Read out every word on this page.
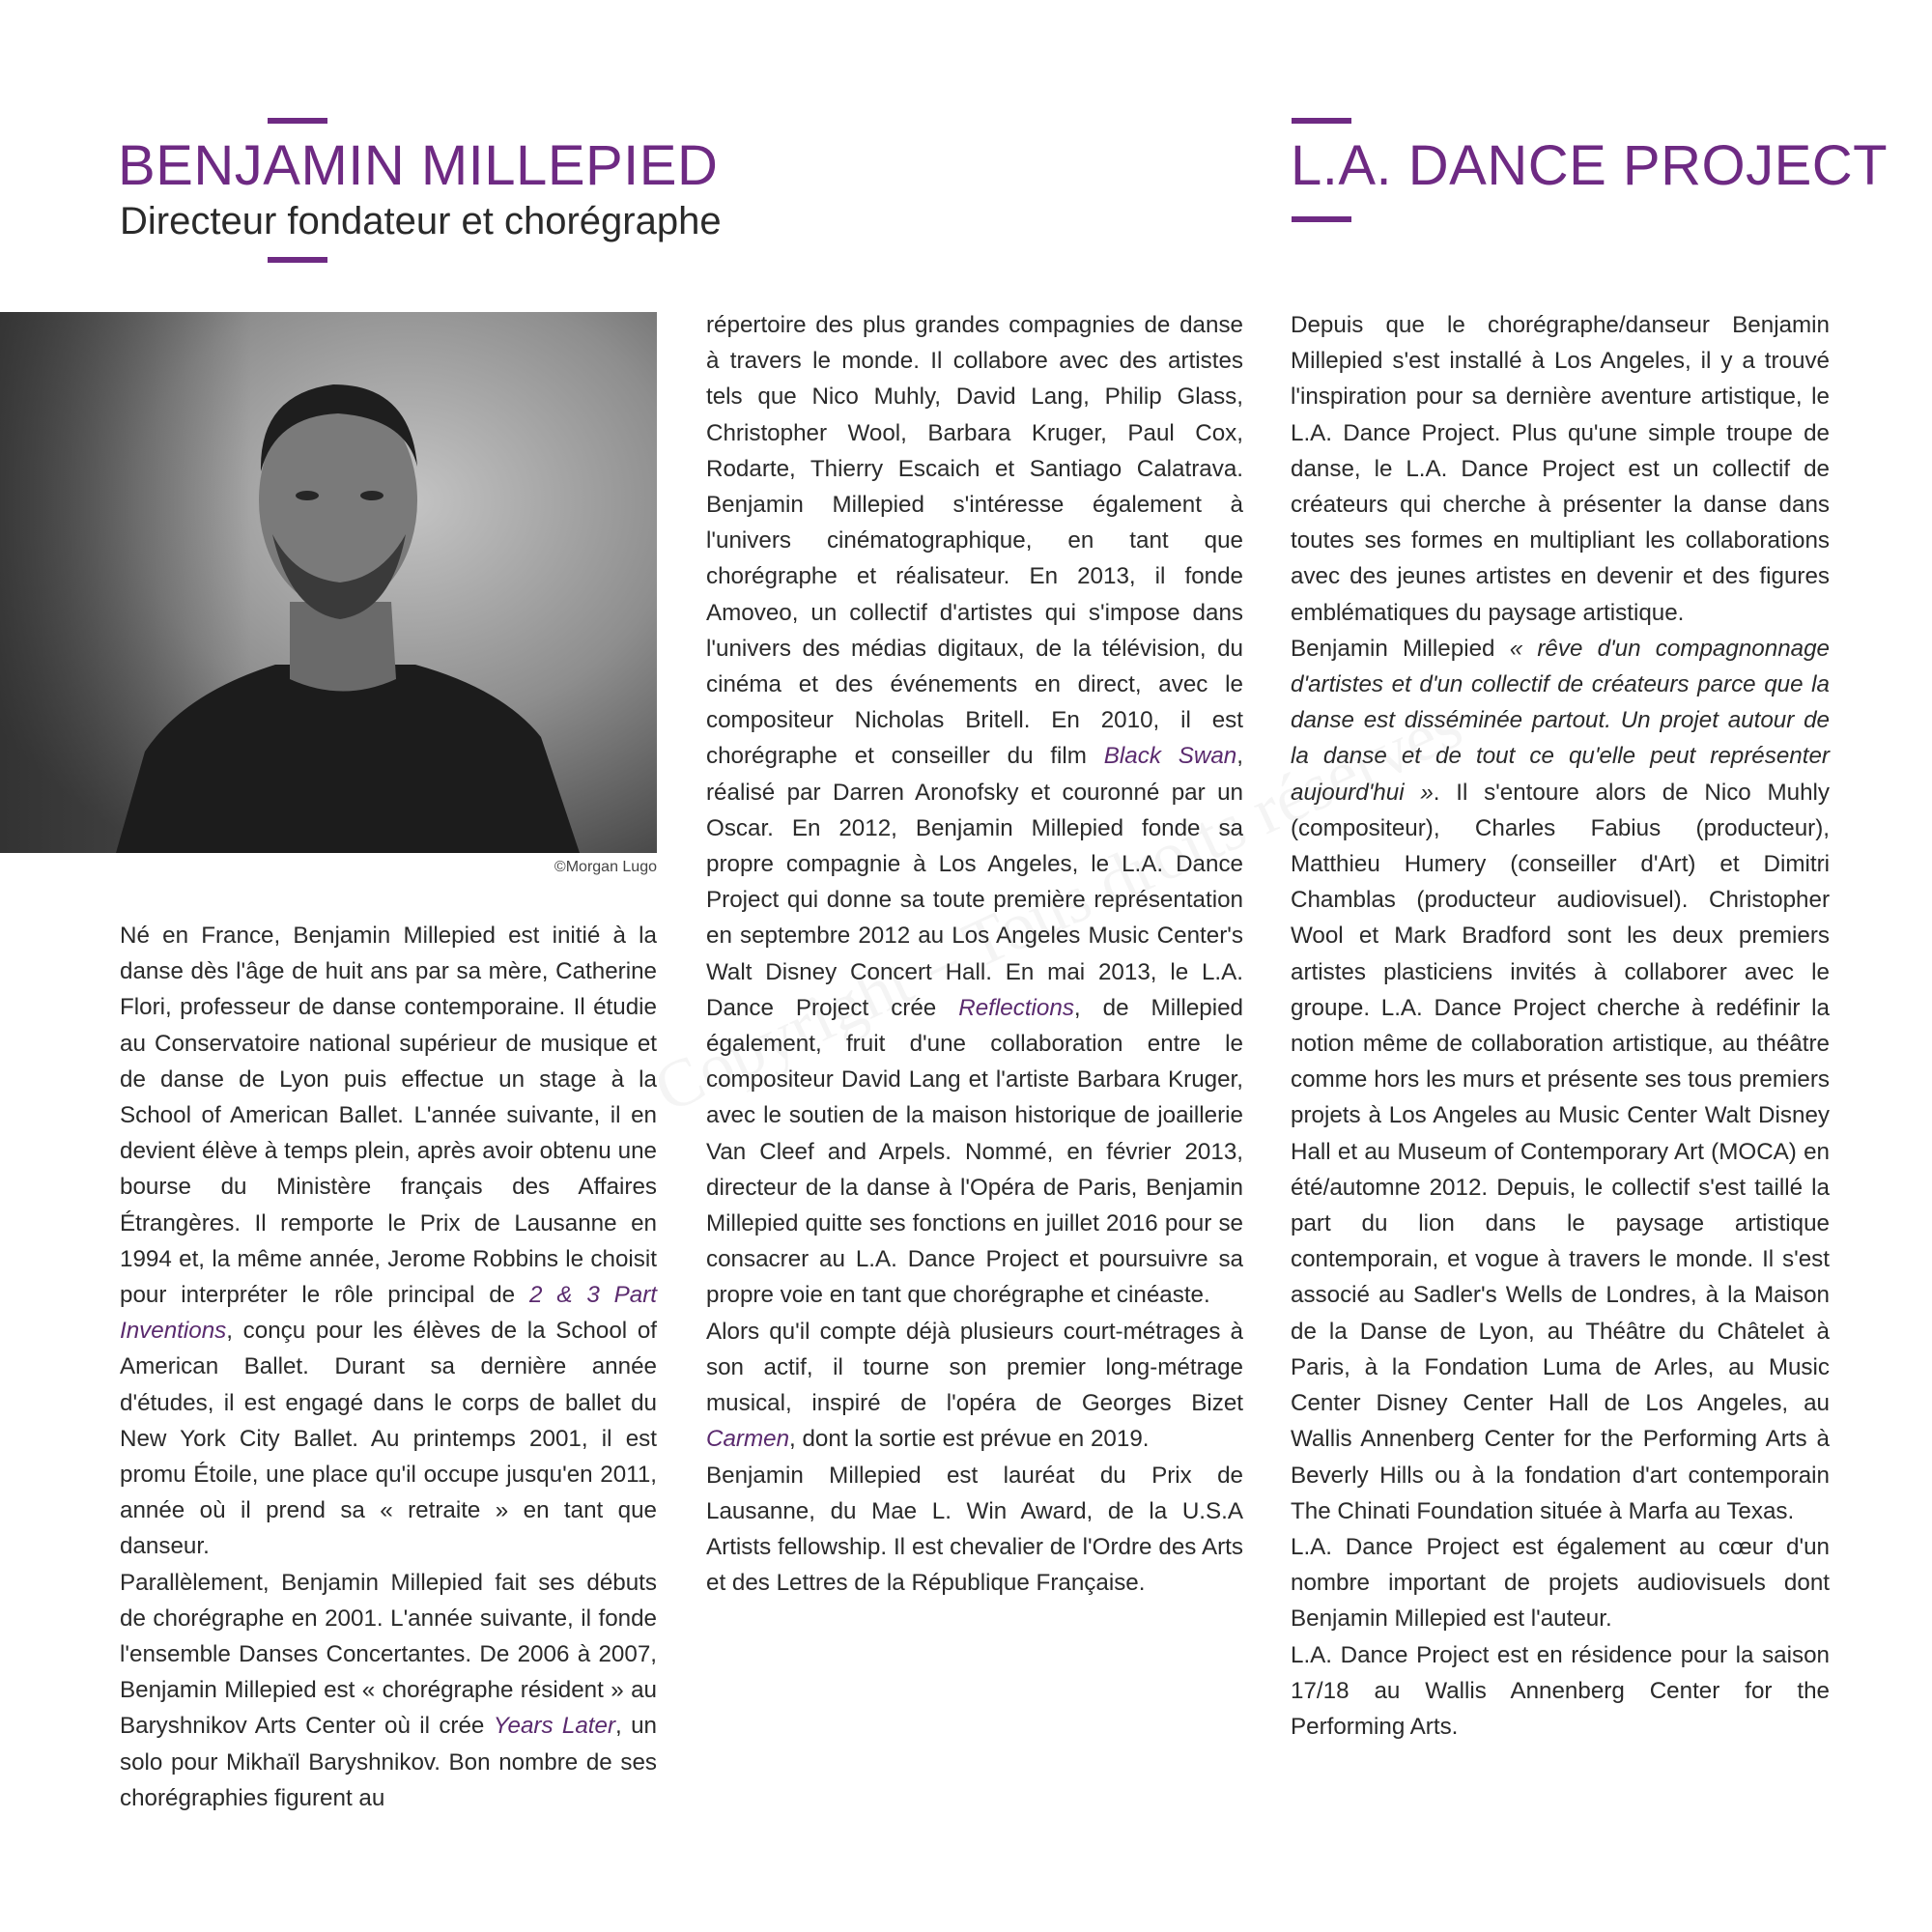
BENJAMIN MILLEPIED
Directeur fondateur et chorégraphe
L.A. DANCE PROJECT
©Morgan Lugo

Né en France, Benjamin Millepied est initié à la danse dès l'âge de huit ans par sa mère, Catherine Flori, professeur de danse contemporaine. Il étudie au Conservatoire national supérieur de musique et de danse de Lyon puis effectue un stage à la School of American Ballet. L'année suivante, il en devient élève à temps plein, après avoir obtenu une bourse du Ministère français des Affaires Étrangères. Il remporte le Prix de Lausanne en 1994 et, la même année, Jerome Robbins le choisit pour interpréter le rôle principal de 2 & 3 Part Inventions, conçu pour les élèves de la School of American Ballet. Durant sa dernière année d'études, il est engagé dans le corps de ballet du New York City Ballet. Au printemps 2001, il est promu Étoile, une place qu'il occupe jusqu'en 2011, année où il prend sa « retraite » en tant que danseur.

Parallèlement, Benjamin Millepied fait ses débuts de chorégraphe en 2001. L'année suivante, il fonde l'ensemble Danses Concertantes. De 2006 à 2007, Benjamin Millepied est « chorégraphe résident » au Baryshnikov Arts Center où il crée Years Later, un solo pour Mikhaïl Baryshnikov. Bon nombre de ses chorégraphies figurent au

répertoire des plus grandes compagnies de danse à travers le monde. Il collabore avec des artistes tels que Nico Muhly, David Lang, Philip Glass, Christopher Wool, Barbara Kruger, Paul Cox, Rodarte, Thierry Escaich et Santiago Calatrava. Benjamin Millepied s'intéresse également à l'univers cinématographique, en tant que chorégraphe et réalisateur. En 2013, il fonde Amoveo, un collectif d'artistes qui s'impose dans l'univers des médias digitaux, de la télévision, du cinéma et des événements en direct, avec le compositeur Nicholas Britell. En 2010, il est chorégraphe et conseiller du film Black Swan, réalisé par Darren Aronofsky et couronné par un Oscar. En 2012, Benjamin Millepied fonde sa propre compagnie à Los Angeles, le L.A. Dance Project qui donne sa toute première représentation en septembre 2012 au Los Angeles Music Center's Walt Disney Concert Hall. En mai 2013, le L.A. Dance Project crée Reflections, de Millepied également, fruit d'une collaboration entre le compositeur David Lang et l'artiste Barbara Kruger, avec le soutien de la maison historique de joaillerie Van Cleef and Arpels. Nommé, en février 2013, directeur de la danse à l'Opéra de Paris, Benjamin Millepied quitte ses fonctions en juillet 2016 pour se consacrer au L.A. Dance Project et poursuivre sa propre voie en tant que chorégraphe et cinéaste.

Alors qu'il compte déjà plusieurs court-métrages à son actif, il tourne son premier long-métrage musical, inspiré de l'opéra de Georges Bizet Carmen, dont la sortie est prévue en 2019.

Benjamin Millepied est lauréat du Prix de Lausanne, du Mae L. Win Award, de la U.S.A Artists fellowship. Il est chevalier de l'Ordre des Arts et des Lettres de la République Française.

Depuis que le chorégraphe/danseur Benjamin Millepied s'est installé à Los Angeles, il y a trouvé l'inspiration pour sa dernière aventure artistique, le L.A. Dance Project. Plus qu'une simple troupe de danse, le L.A. Dance Project est un collectif de créateurs qui cherche à présenter la danse dans toutes ses formes en multipliant les collaborations avec des jeunes artistes en devenir et des figures emblématiques du paysage artistique.

Benjamin Millepied « rêve d'un compagnonnage d'artistes et d'un collectif de créateurs parce que la danse est disséminée partout. Un projet autour de la danse et de tout ce qu'elle peut représenter aujourd'hui ». Il s'entoure alors de Nico Muhly (compositeur), Charles Fabius (producteur), Matthieu Humery (conseiller d'Art) et Dimitri Chamblas (producteur audiovisuel). Christopher Wool et Mark Bradford sont les deux premiers artistes plasticiens invités à collaborer avec le groupe. L.A. Dance Project cherche à redéfinir la notion même de collaboration artistique, au théâtre comme hors les murs et présente ses tous premiers projets à Los Angeles au Music Center Walt Disney Hall et au Museum of Contemporary Art (MOCA) en été/automne 2012. Depuis, le collectif s'est taillé la part du lion dans le paysage artistique contemporain, et vogue à travers le monde. Il s'est associé au Sadler's Wells de Londres, à la Maison de la Danse de Lyon, au Théâtre du Châtelet à Paris, à la Fondation Luma de Arles, au Music Center Disney Center Hall de Los Angeles, au Wallis Annenberg Center for the Performing Arts à Beverly Hills ou à la fondation d'art contemporain The Chinati Foundation située à Marfa au Texas.

L.A. Dance Project est également au cœur d'un nombre important de projets audiovisuels dont Benjamin Millepied est l'auteur.

L.A. Dance Project est en résidence pour la saison 17/18 au Wallis Annenberg Center for the Performing Arts.
